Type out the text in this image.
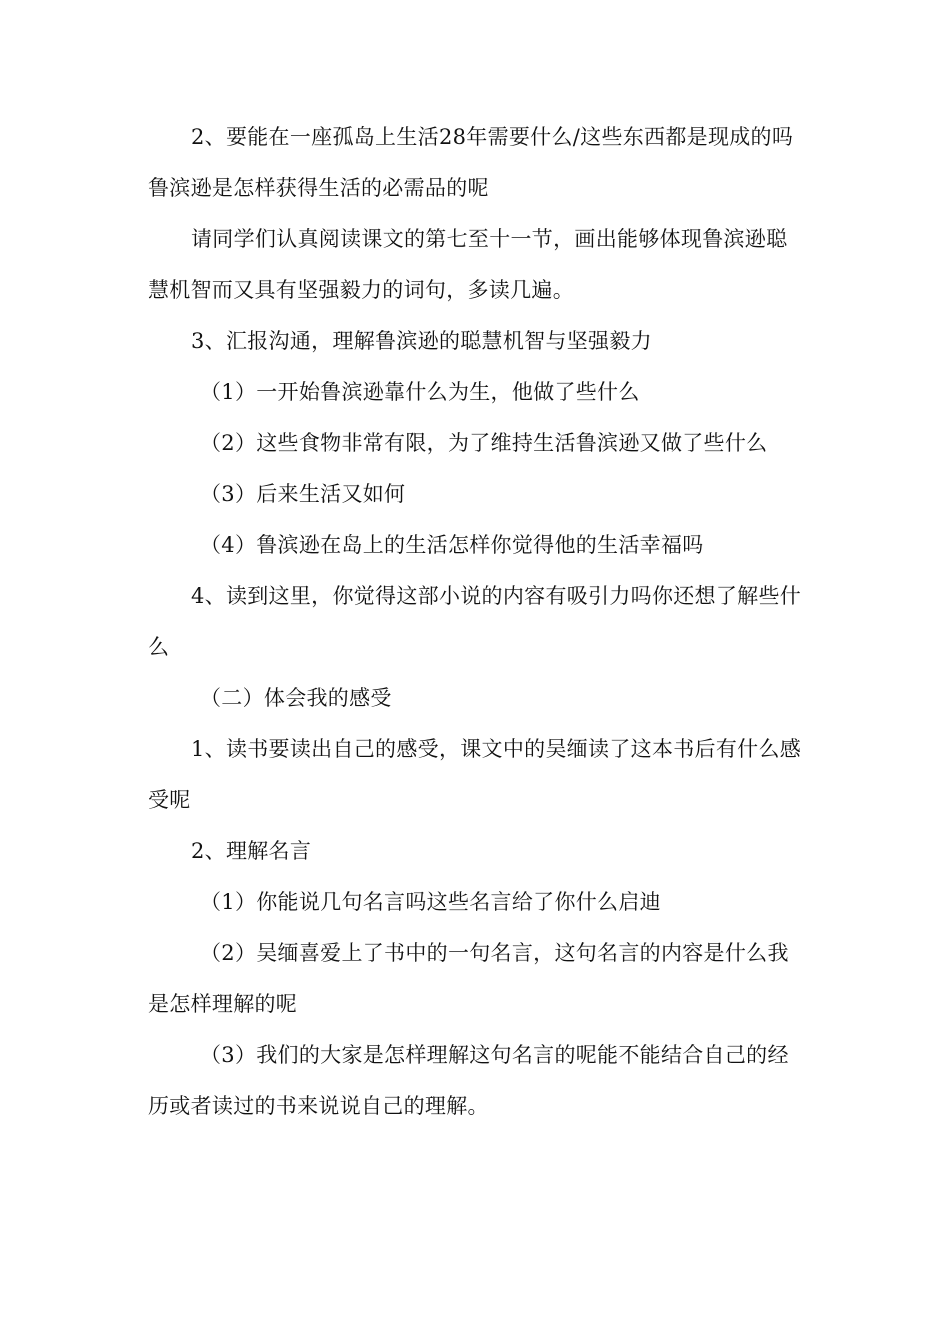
2、要能在一座孤岛上生活28年需要什么/这些东西都是现成的吗鲁滨逊是怎样获得生活的必需品的呢

请同学们认真阅读课文的第七至十一节，画出能够体现鲁滨逊聪慧机智而又具有坚强毅力的词句，多读几遍。

3、汇报沟通，理解鲁滨逊的聪慧机智与坚强毅力

（1）一开始鲁滨逊靠什么为生，他做了些什么

（2）这些食物非常有限，为了维持生活鲁滨逊又做了些什么

（3）后来生活又如何

（4）鲁滨逊在岛上的生活怎样你觉得他的生活幸福吗

4、读到这里，你觉得这部小说的内容有吸引力吗你还想了解些什么

（二）体会我的感受

1、读书要读出自己的感受，课文中的吴缅读了这本书后有什么感受呢

2、理解名言

（1）你能说几句名言吗这些名言给了你什么启迪

（2）吴缅喜爱上了书中的一句名言，这句名言的内容是什么我是怎样理解的呢

（3）我们的大家是怎样理解这句名言的呢能不能结合自己的经历或者读过的书来说说自己的理解。
